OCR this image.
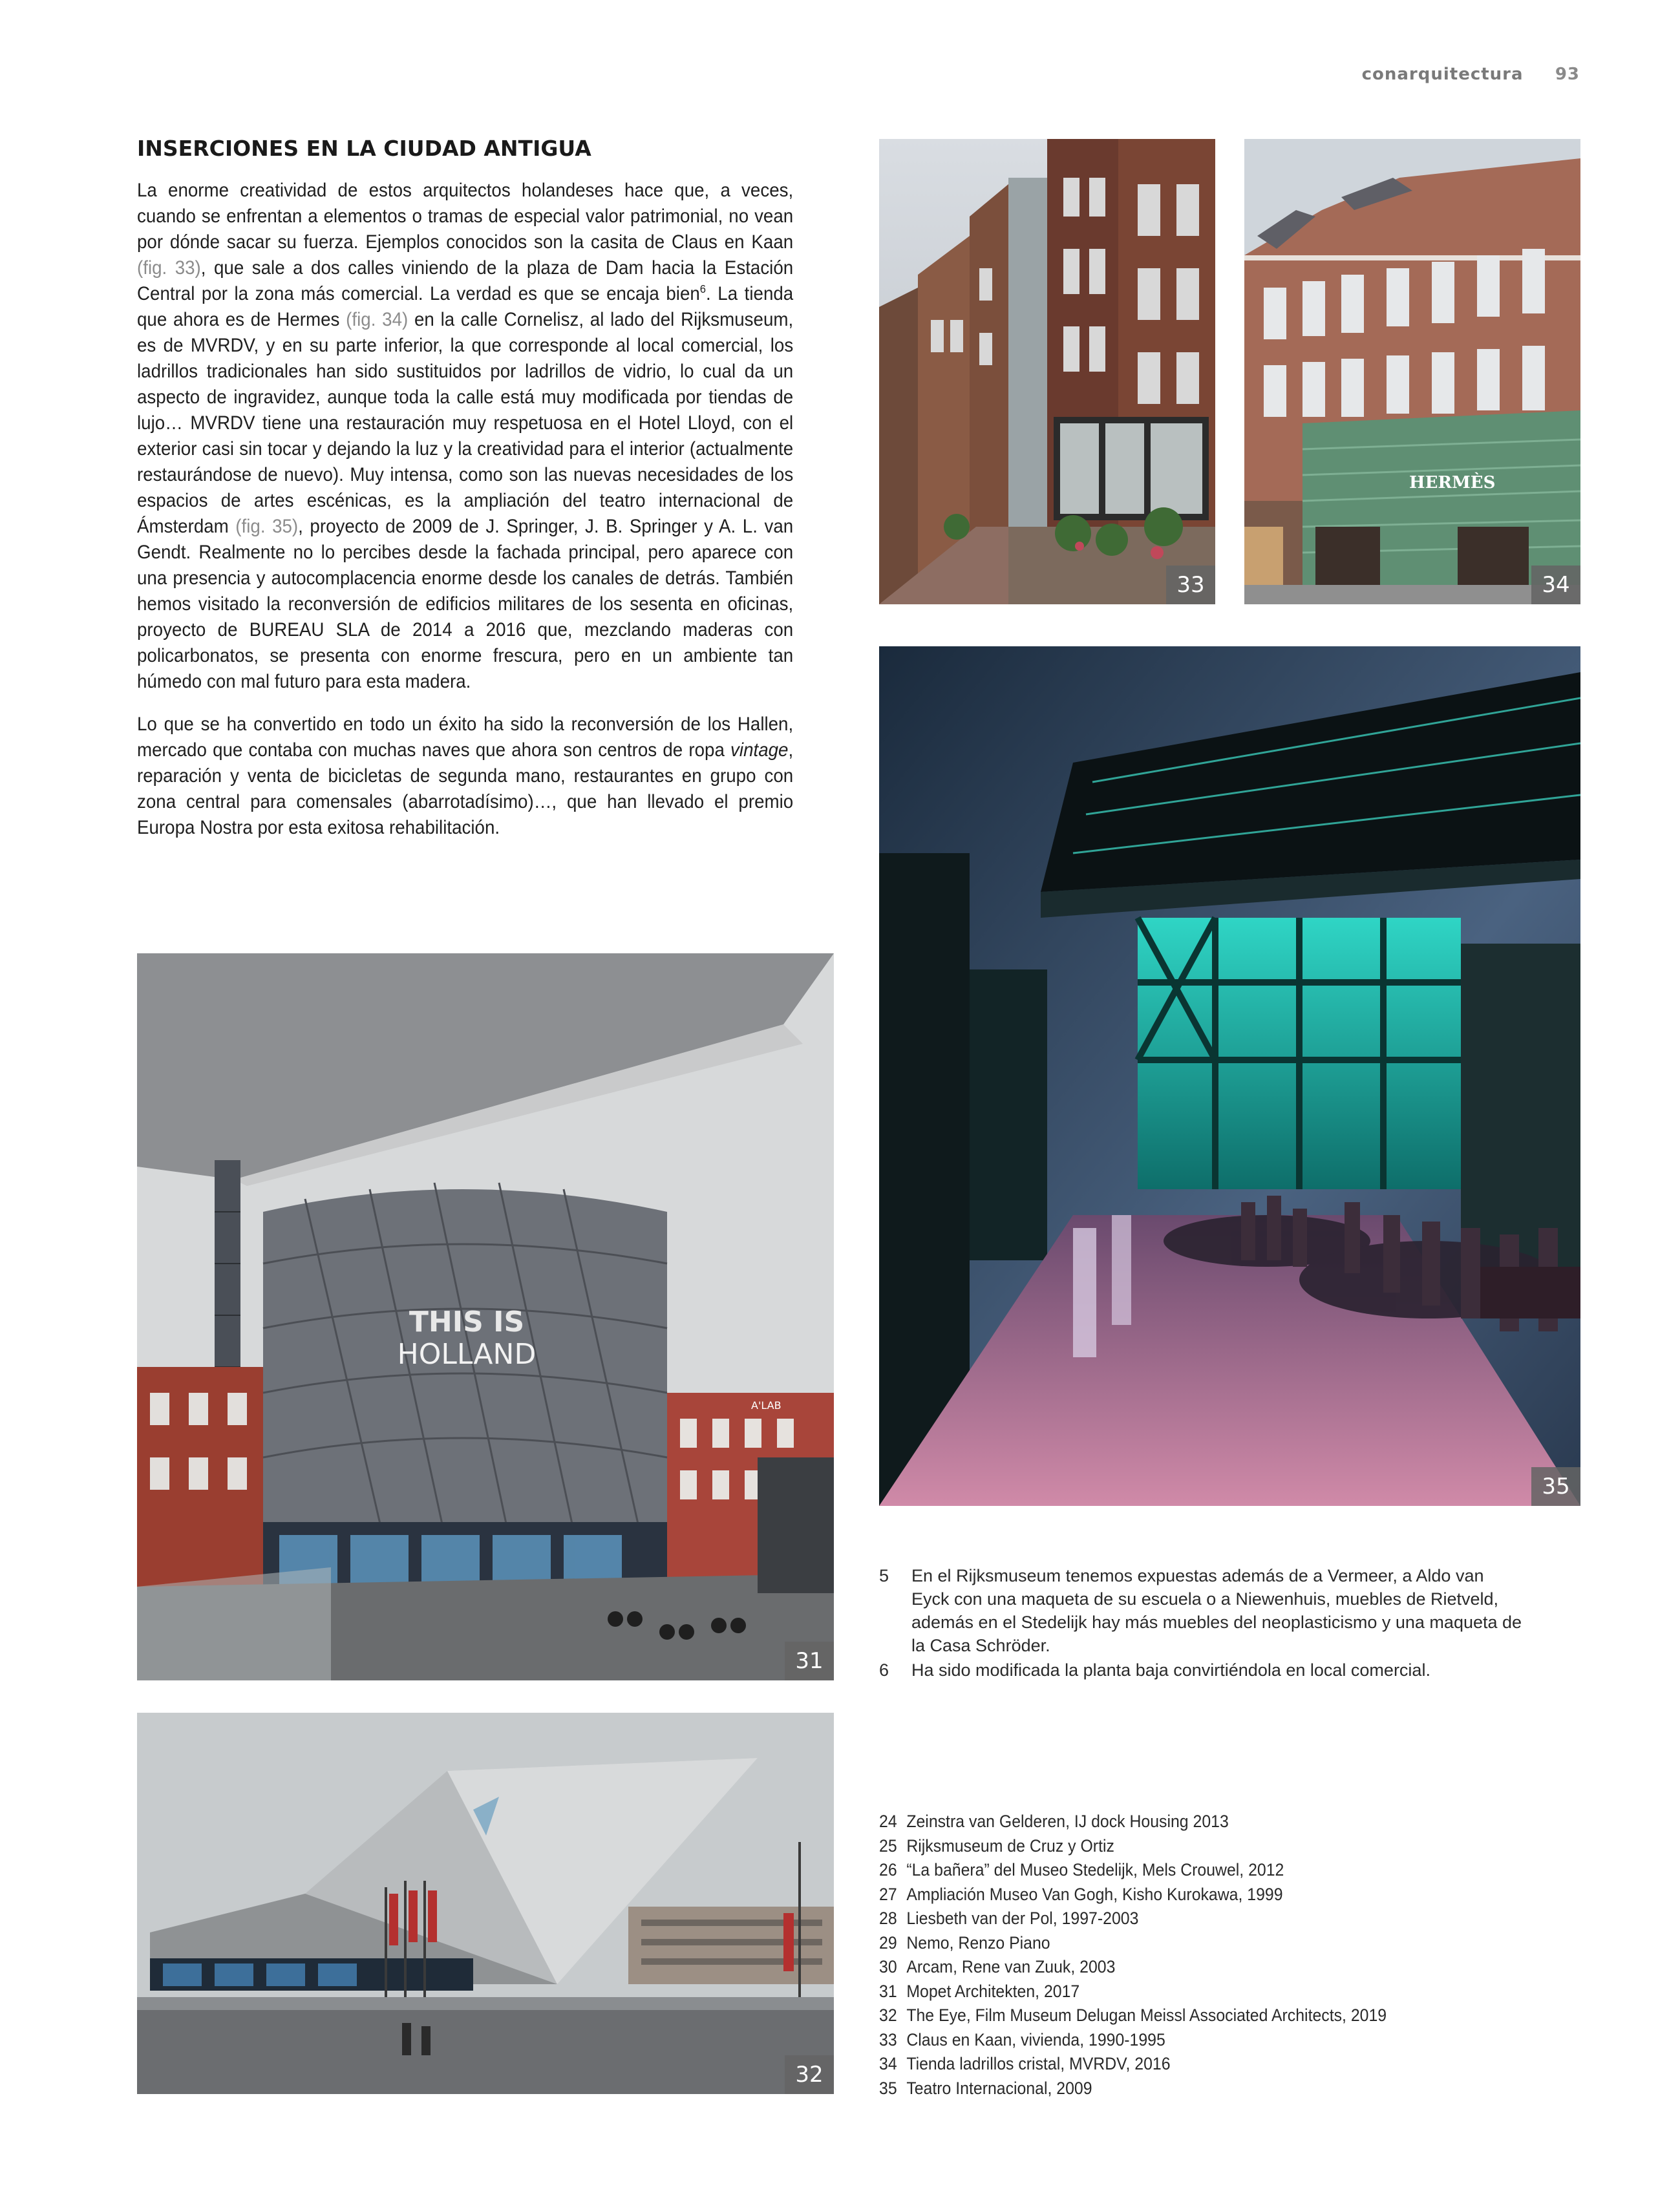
conarquitectura 93
INSERCIONES EN LA CIUDAD ANTIGUA

La enorme creatividad de estos arquitectos holandeses hace que, a veces, cuando se enfrentan a elementos o tramas de especial valor patrimonial, no vean por dónde sacar su fuerza. Ejemplos conocidos son la casita de Claus en Kaan (fig. 33), que sale a dos calles viniendo de la plaza de Dam hacia la Estación Central por la zona más comercial. La verdad es que se encaja bien$^6$. La tienda que ahora es de Hermes (fig. 34) en la calle Cornelisz, al lado del Rijksmuseum, es de MVRDV, y en su parte inferior, la que corresponde al local comercial, los ladrillos tradicionales han sido sustituidos por ladrillos de vidrio, lo cual da un aspecto de ingravidez, aunque toda la calle está muy modificada por tiendas de lujo… MVRDV tiene una restauración muy respetuosa en el Hotel Lloyd, con el exterior casi sin tocar y dejando la luz y la creatividad para el interior (actualmente restaurándose de nuevo). Muy intensa, como son las nuevas necesidades de los espacios de artes escénicas, es la ampliación del teatro internacional de Ámsterdam (fig. 35), proyecto de 2009 de J. Springer, J. B. Springer y A. L. van Gendt. Realmente no lo percibes desde la fachada principal, pero aparece con una presencia y autocomplacencia enorme desde los canales de detrás. También hemos visitado la reconversión de edificios militares de los sesenta en oficinas, proyecto de BUREAU SLA de 2014 a 2016 que, mezclando maderas con policarbonatos, se presenta con enorme frescura, pero en un ambiente tan húmedo con mal futuro para esta madera.

Lo que se ha convertido en todo un éxito ha sido la reconversión de los Hallen, mercado que contaba con muchas naves que ahora son centros de ropa vintage, reparación y venta de bicicletas de segunda mano, restaurantes en grupo con zona central para comensales (abarrotadísimo)…, que han llevado el premio Europa Nostra por esta exitosa rehabilitación.

33
HERMÈS
34
35
A'LAB
THIS IS
HOLLAND
31
32
5	En el Rijksmuseum tenemos expuestas además de a Vermeer, a Aldo van Eyck con una maqueta de su escuela o a Niewenhuis, muebles de Rietveld, además en el Stedelijk hay más muebles del neoplasticismo y una maqueta de la Casa Schröder.
6	Ha sido modificada la planta baja convirtiéndola en local comercial.
24 Zeinstra van Gelderen, IJ dock Housing 2013
25 Rijksmuseum de Cruz y Ortiz
26 “La bañera” del Museo Stedelijk, Mels Crouwel, 2012
27 Ampliación Museo Van Gogh, Kisho Kurokawa, 1999
28 Liesbeth van der Pol, 1997-2003
29 Nemo, Renzo Piano
30 Arcam, Rene van Zuuk, 2003
31 Mopet Architekten, 2017
32 The Eye, Film Museum Delugan Meissl Associated Architects, 2019
33 Claus en Kaan, vivienda, 1990-1995
34 Tienda ladrillos cristal, MVRDV, 2016
35 Teatro Internacional, 2009
